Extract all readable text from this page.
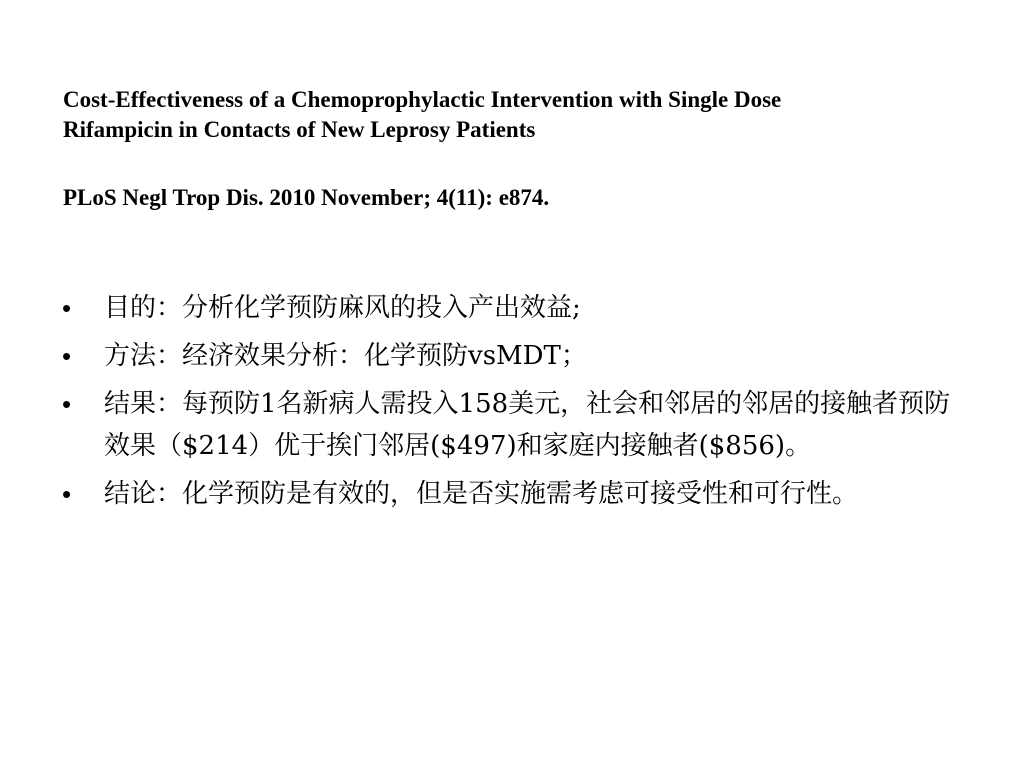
Cost-Effectiveness of a Chemoprophylactic Intervention with Single Dose
Rifampicin in Contacts of New Leprosy Patients
PLoS Negl Trop Dis. 2010 November; 4(11): e874.
• 目的：分析化学预防麻风的投入产出效益;
• 方法：经济效果分析：化学预防vsMDT；
• 结果：每预防1名新病人需投入158美元，社会和邻居的邻居的接触者预防效果（$214）优于挨门邻居($497)和家庭内接触者($856)。
• 结论：化学预防是有效的，但是否实施需考虑可接受性和可行性。
